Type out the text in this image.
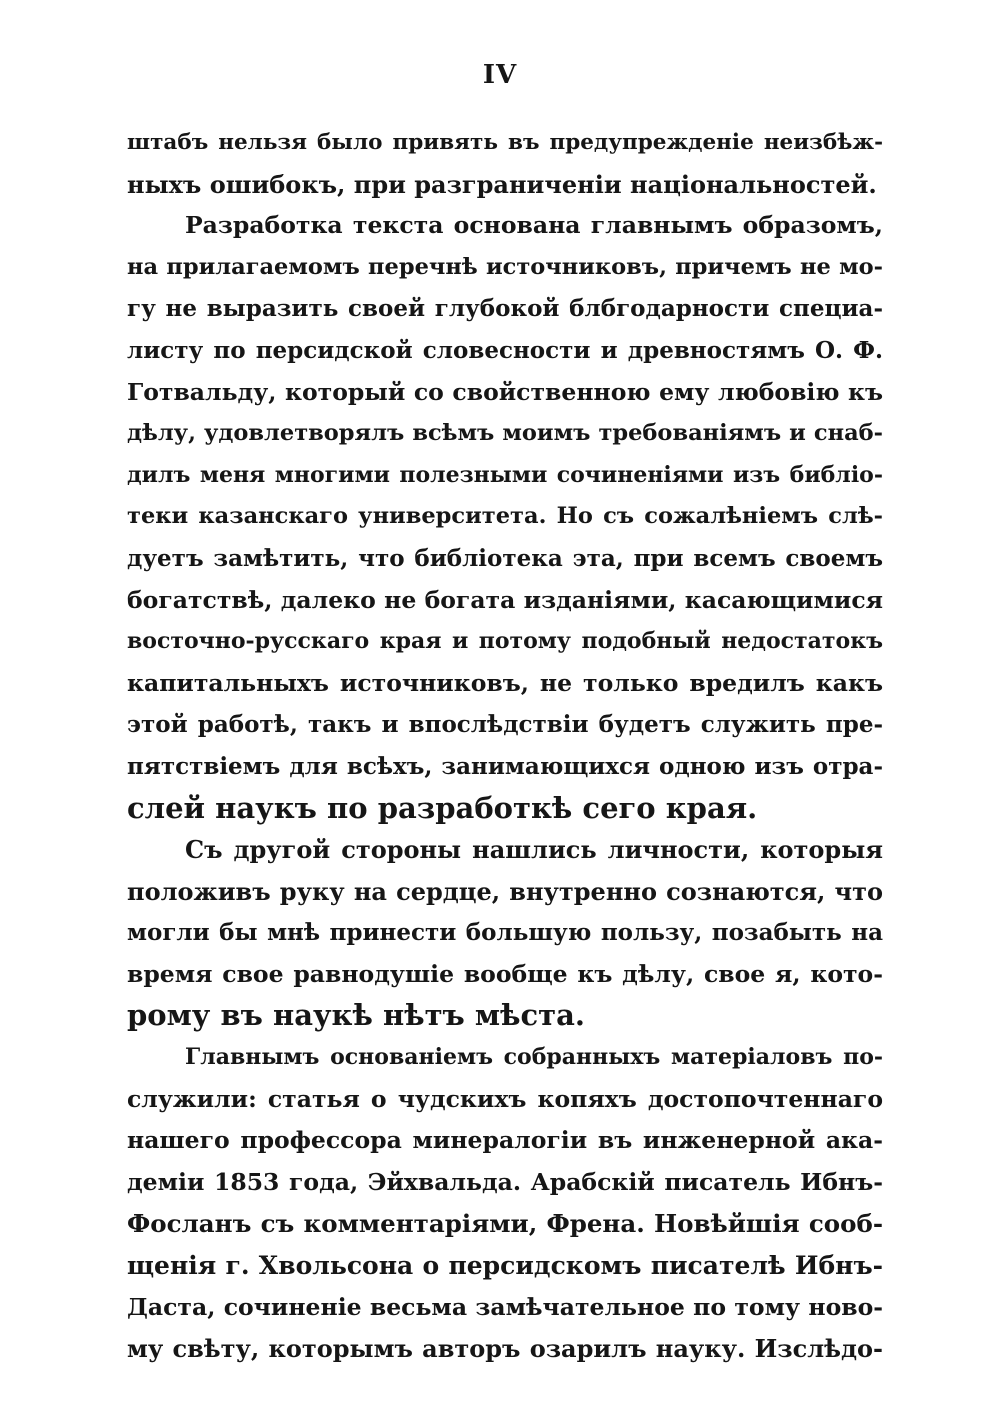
IV
штабъ нельзя было привять въ предупрежденіе неизбѣж-
ныхъ ошибокъ, при разграниченіи національностей.
Разработка текста основана главнымъ образомъ,
на прилагаемомъ перечнѣ источниковъ, причемъ не мо-
гу не выразить своей глубокой блбгодарности специа-
листу по персидской словесности и древностямъ О. Ф.
Готвальду, который со свойственною ему любовію къ
дѣлу, удовлетворялъ всѣмъ моимъ требованіямъ и снаб-
дилъ меня многими полезными сочиненіями изъ библіо-
теки казанскаго университета. Но съ сожалѣніемъ слѣ-
дуетъ замѣтить, что библіотека эта, при всемъ своемъ
богатствѣ, далеко не богата изданіями, касающимися
восточно-русскаго края и потому подобный недостатокъ
капитальныхъ источниковъ, не только вредилъ какъ
этой работѣ, такъ и впослѣдствіи будетъ служить пре-
пятствіемъ для всѣхъ, занимающихся одною изъ отра-
слей наукъ по разработкѣ сего края.
Съ другой стороны нашлись личности, которыя
положивъ руку на сердце, внутренно сознаются, что
могли бы мнѣ принести большую пользу, позабыть на
время свое равнодушіе вообще къ дѣлу, свое я, кото-
рому въ наукѣ нѣтъ мѣста.
Главнымъ основаніемъ собранныхъ матеріаловъ по-
служили: статья о чудскихъ копяхъ достопочтеннаго
нашего профессора минералогіи въ инженерной ака-
деміи 1853 года, Эйхвальда. Арабскій писатель Ибнъ-
Фосланъ съ комментаріями, Френа. Новѣйшія сооб-
щенія г. Хвольсона о персидскомъ писателѣ Ибнъ-
Даста, сочиненіе весьма замѣчательное по тому ново-
му свѣту, которымъ авторъ озарилъ науку. Изслѣдо-
